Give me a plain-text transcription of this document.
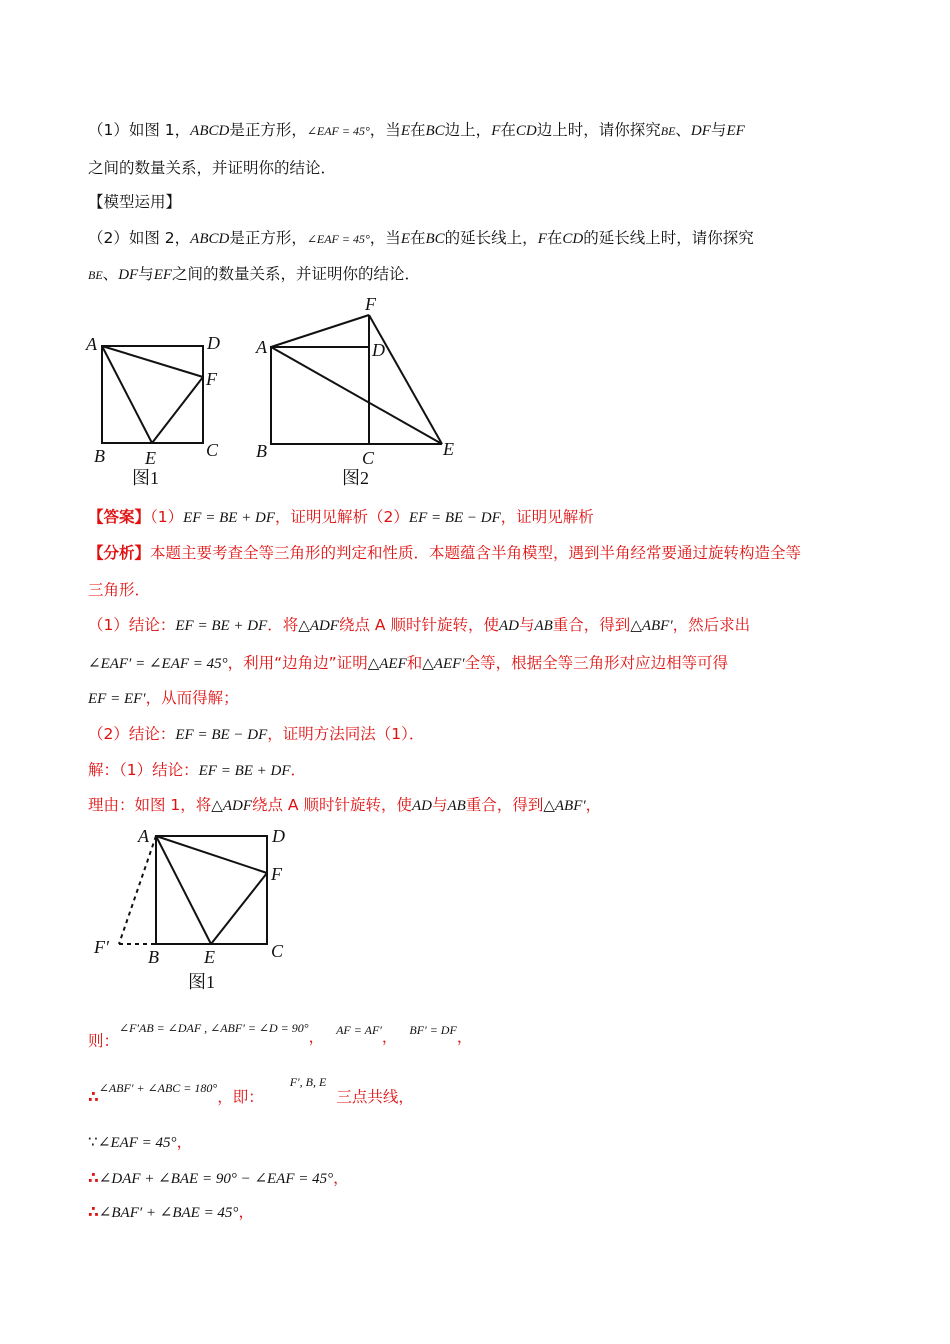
（1）如图 1，ABCD是正方形，∠EAF = 45°，当E在BC边上，F在CD边上时，请你探究BE、DF与EF
之间的数量关系，并证明你的结论．
【模型运用】
（2）如图 2，ABCD是正方形，∠EAF = 45°，当E在BC的延长线上，F在CD的延长线上时，请你探究
BE、DF与EF之间的数量关系，并证明你的结论．
A	D
F
B E	C
图1
A
F
D
B	C	E
图2
【答案】（1）EF = BE + DF，证明见解析（2）EF = BE − DF，证明见解析
【分析】本题主要考查全等三角形的判定和性质．本题蕴含半角模型，遇到半角经常要通过旋转构造全等
三角形．
（1）结论：EF = BE + DF．将△ADF绕点 A 顺时针旋转，使AD与AB重合，得到△ABF′，然后求出
∠EAF′ = ∠EAF = 45°，利用“边角边”证明△AEF和△AEF′全等，根据全等三角形对应边相等可得
EF = EF′，从而得解；
（2）结论：EF = BE − DF，证明方法同法（1）．
解：（1）结论：EF = BE + DF．
理由：如图 1，将△ADF绕点 A 顺时针旋转，使AD与AB重合，得到△ABF′，
A	D
F
F′ B	E	C
图1
则：$^{\angle F'AB = \angle DAF , \angle ABF' = \angle D = 90^\circ}$， $^{AF = AF'}$， $^{BF' = DF}$，
∴$^{\angle ABF' + \angle ABC = 180^\circ}$，即：$^{F', B, E}$三点共线，
∵∠EAF = 45°，
∴∠DAF + ∠BAE = 90° − ∠EAF = 45°，
∴∠BAF′ + ∠BAE = 45°，
